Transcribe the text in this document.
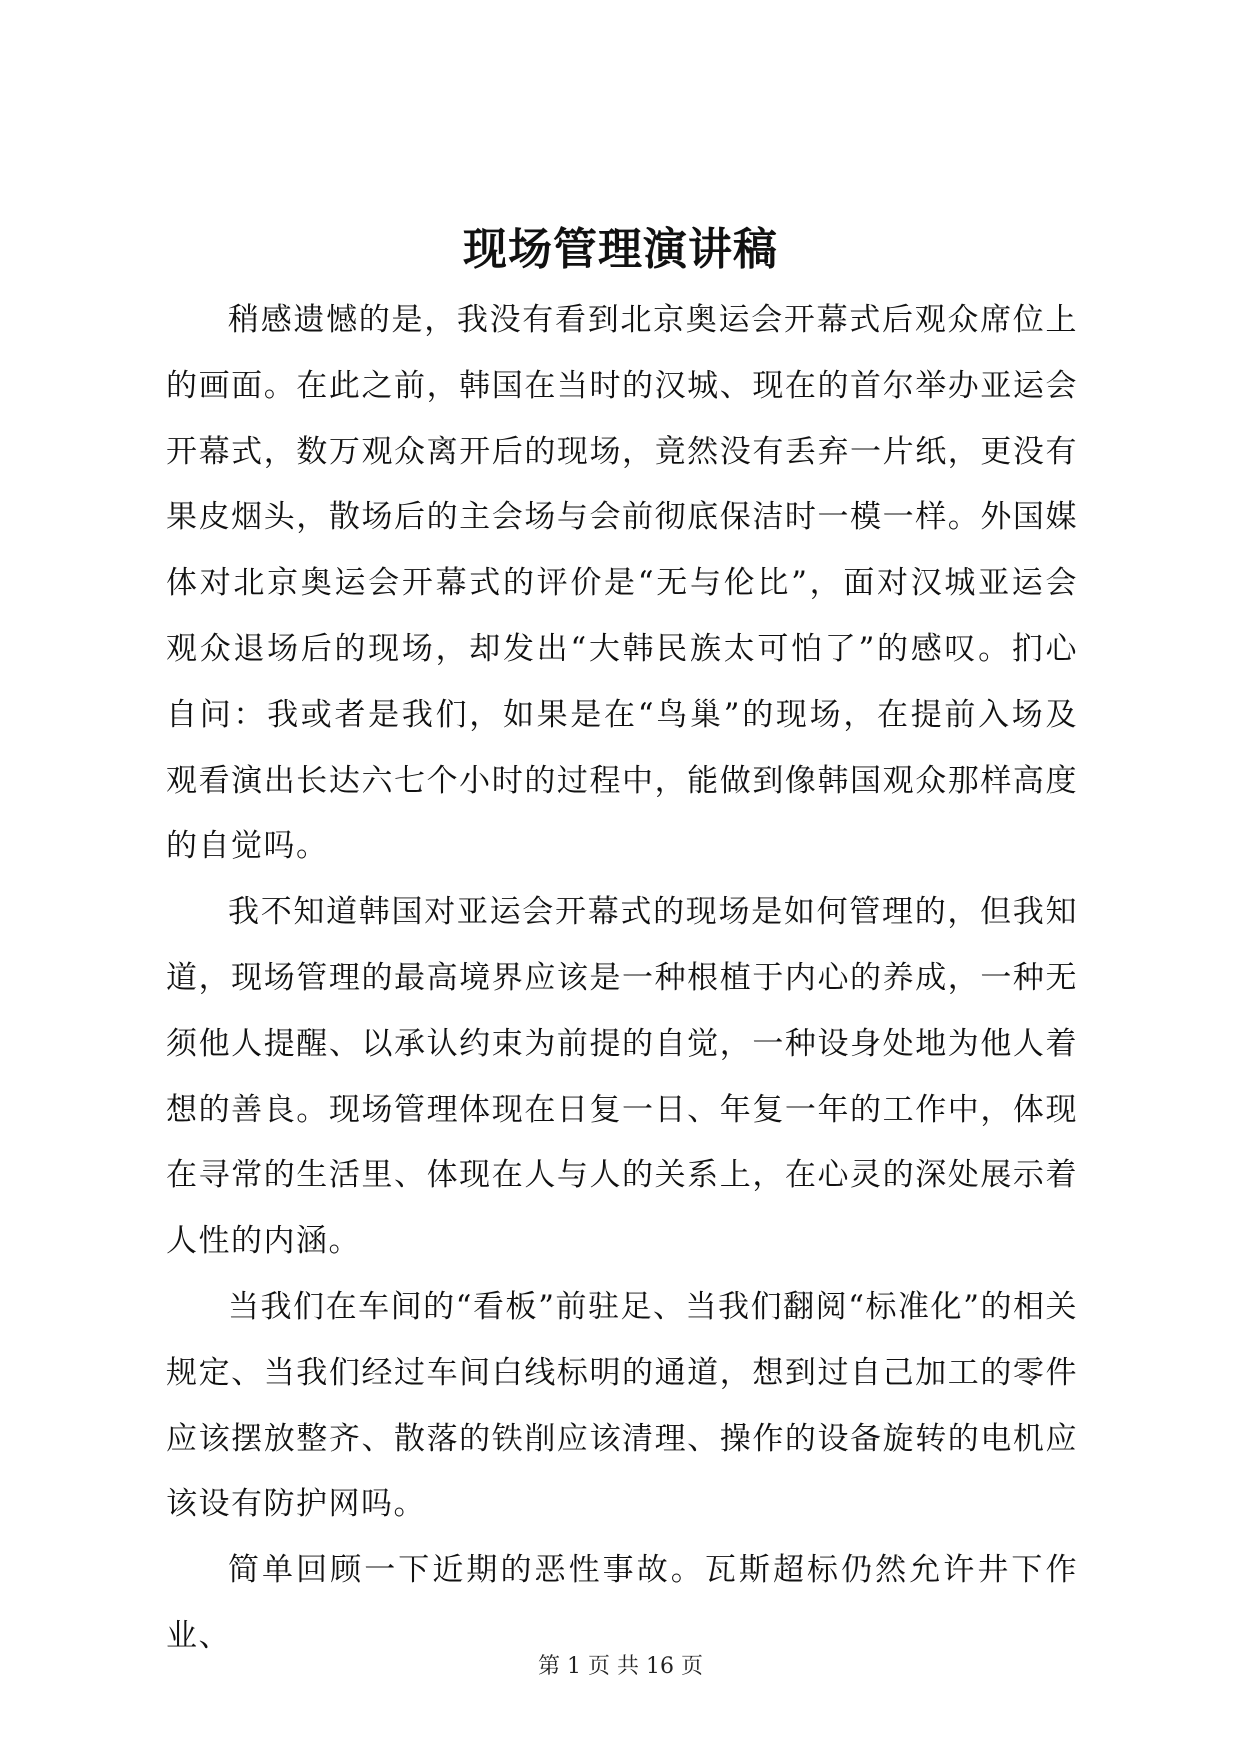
现场管理演讲稿

稍感遗憾的是，我没有看到北京奥运会开幕式后观众席位上的画面。在此之前，韩国在当时的汉城、现在的首尔举办亚运会开幕式，数万观众离开后的现场，竟然没有丢弃一片纸，更没有果皮烟头，散场后的主会场与会前彻底保洁时一模一样。外国媒体对北京奥运会开幕式的评价是“无与伦比”，面对汉城亚运会观众退场后的现场，却发出“大韩民族太可怕了”的感叹。扪心自问：我或者是我们，如果是在“鸟巢”的现场，在提前入场及观看演出长达六七个小时的过程中，能做到像韩国观众那样高度的自觉吗。

我不知道韩国对亚运会开幕式的现场是如何管理的，但我知道，现场管理的最高境界应该是一种根植于内心的养成，一种无须他人提醒、以承认约束为前提的自觉，一种设身处地为他人着想的善良。现场管理体现在日复一日、年复一年的工作中，体现在寻常的生活里、体现在人与人的关系上，在心灵的深处展示着人性的内涵。

当我们在车间的“看板”前驻足、当我们翻阅“标准化”的相关规定、当我们经过车间白线标明的通道，想到过自己加工的零件应该摆放整齐、散落的铁削应该清理、操作的设备旋转的电机应该设有防护网吗。

简单回顾一下近期的恶性事故。瓦斯超标仍然允许井下作业、

第 1 页 共 16 页
